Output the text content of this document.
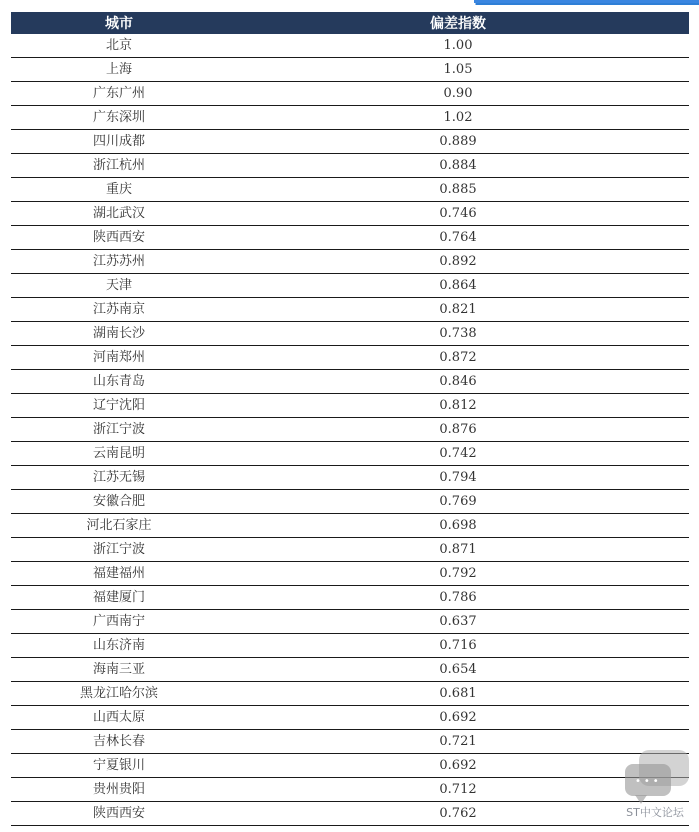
城市	偏差指数
北京	1.00
上海	1.05
广东广州	0.90
广东深圳	1.02
四川成都	0.889
浙江杭州	0.884
重庆	0.885
湖北武汉	0.746
陕西西安	0.764
江苏苏州	0.892
天津	0.864
江苏南京	0.821
湖南长沙	0.738
河南郑州	0.872
山东青岛	0.846
辽宁沈阳	0.812
浙江宁波	0.876
云南昆明	0.742
江苏无锡	0.794
安徽合肥	0.769
河北石家庄	0.698
浙江宁波	0.871
福建福州	0.792
福建厦门	0.786
广西南宁	0.637
山东济南	0.716
海南三亚	0.654
黑龙江哈尔滨	0.681
山西太原	0.692
吉林长春	0.721
宁夏银川	0.692
贵州贵阳	0.712
陕西西安	0.762
•••
ST中文论坛
